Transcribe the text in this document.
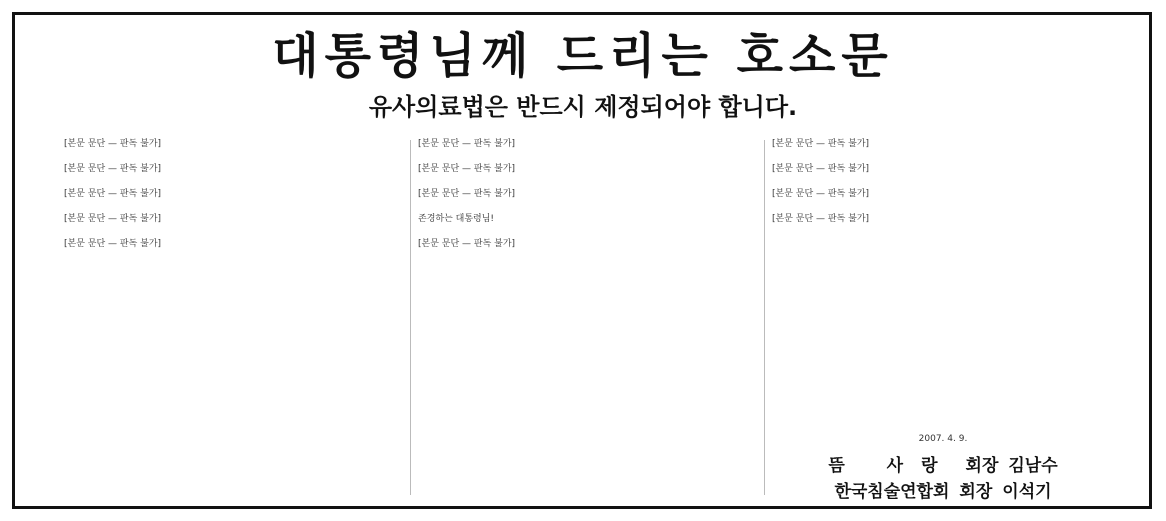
대통령님께 드리는 호소문
유사의료법은 반드시 제정되어야 합니다.

[본문 문단 — 판독 불가]

[본문 문단 — 판독 불가]

[본문 문단 — 판독 불가]

[본문 문단 — 판독 불가]

[본문 문단 — 판독 불가]

[본문 문단 — 판독 불가]

[본문 문단 — 판독 불가]

[본문 문단 — 판독 불가]

존경하는 대통령님!

[본문 문단 — 판독 불가]

[본문 문단 — 판독 불가]

[본문 문단 — 판독 불가]

[본문 문단 — 판독 불가]

[본문 문단 — 판독 불가]

2007. 4. 9.
뜸 사랑 회장 김남수
한국침술연합회 회장 이석기
